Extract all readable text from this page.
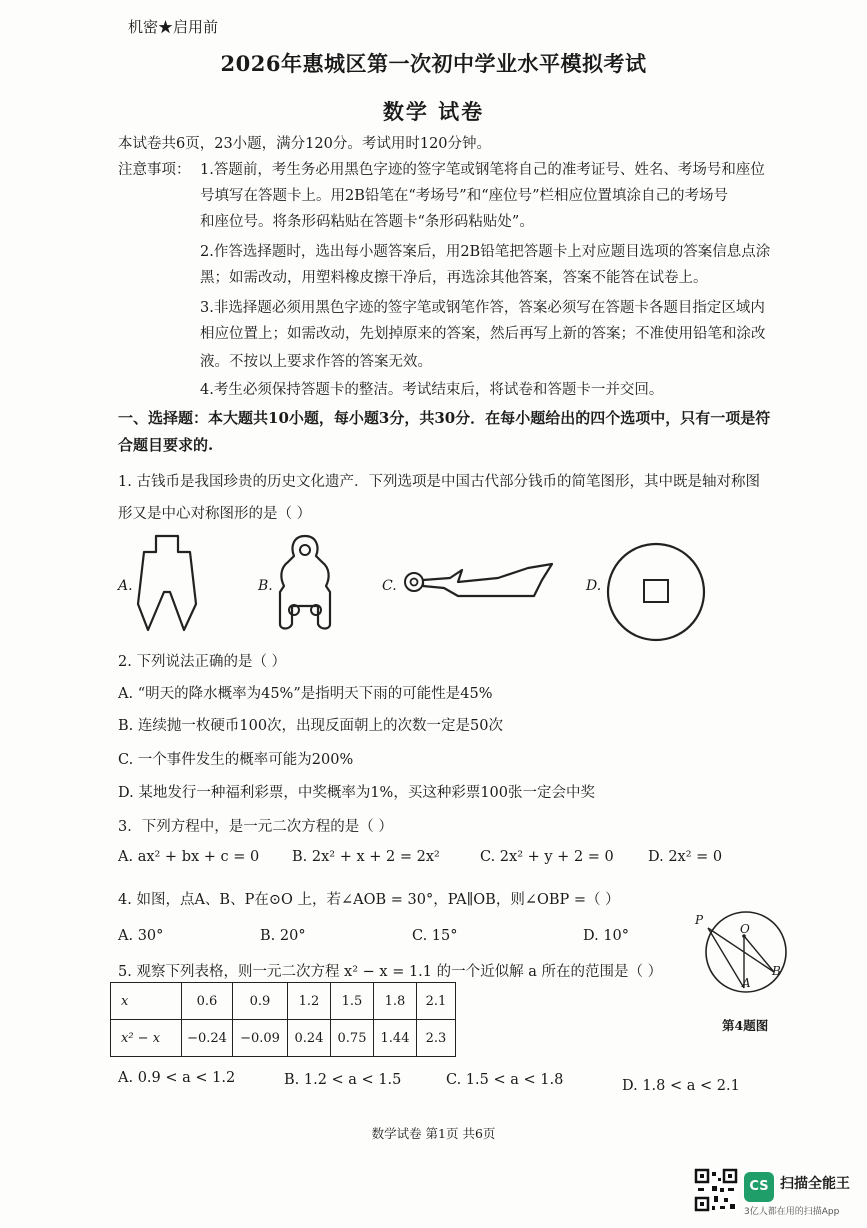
机密★启用前
2026年惠城区第一次初中学业水平模拟考试
数学 试卷
本试卷共6页，23小题，满分120分。考试用时120分钟。
注意事项： 1.答题前，考生务必用黑色字迹的签字笔或钢笔将自己的准考证号、姓名、考场号和座位
号填写在答题卡上。用2B铅笔在“考场号”和“座位号”栏相应位置填涂自己的考场号
和座位号。将条形码粘贴在答题卡“条形码粘贴处”。
2.作答选择题时，选出每小题答案后，用2B铅笔把答题卡上对应题目选项的答案信息点涂
黑；如需改动，用塑料橡皮擦干净后，再选涂其他答案，答案不能答在试卷上。
3.非选择题必须用黑色字迹的签字笔或钢笔作答，答案必须写在答题卡各题目指定区域内
相应位置上；如需改动，先划掉原来的答案，然后再写上新的答案；不准使用铅笔和涂改
液。不按以上要求作答的答案无效。
4.考生必须保持答题卡的整洁。考试结束后，将试卷和答题卡一并交回。
一、选择题：本大题共10小题，每小题3分，共30分．在每小题给出的四个选项中，只有一项是符
合题目要求的.
1. 古钱币是我国珍贵的历史文化遗产．下列选项是中国古代部分钱币的简笔图形，其中既是轴对称图
形又是中心对称图形的是（ ）
A.	B.	C.	D.
2. 下列说法正确的是（ ）
A. “明天的降水概率为45%”是指明天下雨的可能性是45%
B. 连续抛一枚硬币100次，出现反面朝上的次数一定是50次
C. 一个事件发生的概率可能为200%
D. 某地发行一种福利彩票，中奖概率为1%，买这种彩票100张一定会中奖
3．下列方程中，是一元二次方程的是（ ）
A. ax² + bx + c = 0 B. 2x² + x + 2 = 2x²	C. 2x² + y + 2 = 0 D. 2x² = 0
4. 如图，点A、B、P在⊙O 上，若∠AOB = 30°，PA∥OB，则∠OBP =（ ）
A. 30°	B. 20°	C. 15°	D. 10°
P
O
A
B
第4题图
5. 观察下列表格，则一元二次方程 x² − x = 1.1 的一个近似解 a 所在的范围是（ ）
x	0.6	0.9	1.2	1.5	1.8	2.1
x² − x	−0.24	−0.09	0.24	0.75	1.44	2.3
A. 0.9 < a < 1.2	B. 1.2 < a < 1.5	C. 1.5 < a < 1.8	D. 1.8 < a < 2.1
数学试卷 第1页 共6页
CS 扫描全能王
3亿人都在用的扫描App
